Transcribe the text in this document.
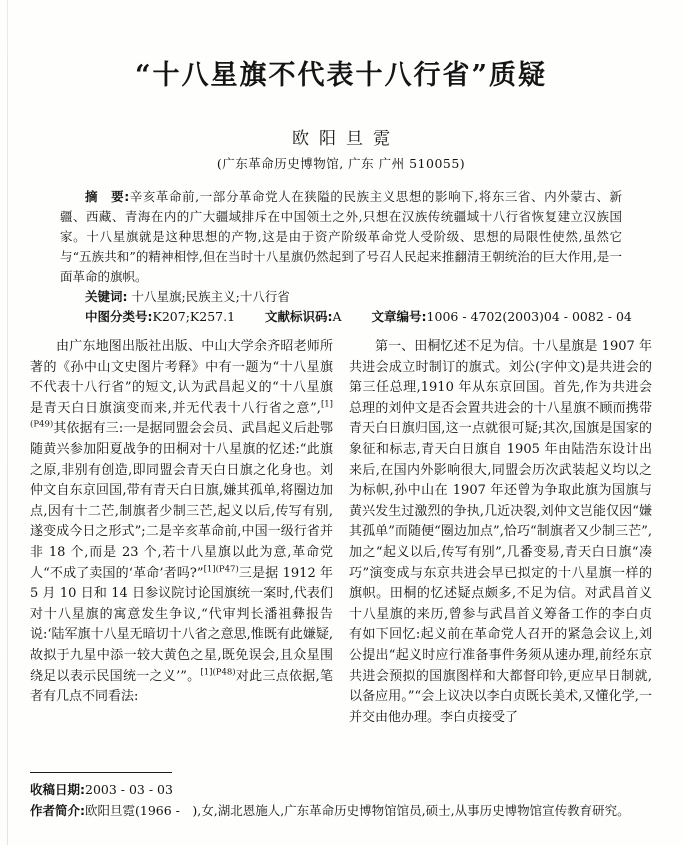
“十八星旗不代表十八行省”质疑
欧阳旦霓
(广东革命历史博物馆, 广东 广州 510055)

摘　要:辛亥革命前,一部分革命党人在狭隘的民族主义思想的影响下,将东三省、内外蒙古、新疆、西藏、青海在内的广大疆域排斥在中国领土之外,只想在汉族传统疆域十八行省恢复建立汉族国家。十八星旗就是这种思想的产物,这是由于资产阶级革命党人受阶级、思想的局限性使然,虽然它与“五族共和”的精神相悖,但在当时十八星旗仍然起到了号召人民起来推翻清王朝统治的巨大作用,是一面革命的旗帜。

关键词: 十八星旗;民族主义;十八行省

中图分类号:K207;K257.1 文献标识码:A 文章编号:1006 - 4702(2003)04 - 0082 - 04

由广东地图出版社出版、中山大学余齐昭老师所著的《孙中山文史图片考释》中有一题为“十八星旗不代表十八行省”的短文,认为武昌起义的“十八星旗是青天白日旗演变而来,并无代表十八行省之意”,$^{[1](P49)}$其依据有三:一是据同盟会会员、武昌起义后赴鄂随黄兴参加阳夏战争的田桐对十八星旗的忆述:“此旗之原,非别有创造,即同盟会青天白日旗之化身也。刘仲文自东京回国,带有青天白日旗,嫌其孤单,将圈边加点,因有十二芒,制旗者少制三芒,起义以后,传写有别,遂变成今日之形式”;二是辛亥革命前,中国一级行省并非 18 个,而是 23 个,若十八星旗以此为意,革命党人“不成了卖国的‘革命’者吗?”$^{[1](P47)}$三是据 1912 年 5 月 10 日和 14 日参议院讨论国旗统一案时,代表们对十八星旗的寓意发生争议,“代审判长潘祖彝报告说:‘陆军旗十八星无暗切十八省之意思,惟既有此嫌疑,故拟于九星中添一较大黄色之星,既免误会,且众星围绕足以表示民国统一之义’”。$^{[1](P48)}$对此三点依据,笔者有几点不同看法:

第一、田桐忆述不足为信。十八星旗是 1907 年共进会成立时制订的旗式。刘公(字仲文)是共进会的第三任总理,1910 年从东京回国。首先,作为共进会总理的刘仲文是否会置共进会的十八星旗不顾而携带青天白日旗归国,这一点就很可疑;其次,国旗是国家的象征和标志,青天白日旗自 1905 年由陆浩东设计出来后,在国内外影响很大,同盟会历次武装起义均以之为标帜,孙中山在 1907 年还曾为争取此旗为国旗与黄兴发生过激烈的争执,几近决裂,刘仲文岂能仅因“嫌其孤单”而随便“圈边加点”,恰巧“制旗者又少制三芒”,加之“起义以后,传写有别”,几番变易,青天白日旗“凑巧”演变成与东京共进会早已拟定的十八星旗一样的旗帜。田桐的忆述疑点颇多,不足为信。对武昌首义十八星旗的来历,曾参与武昌首义筹备工作的李白贞有如下回忆:起义前在革命党人召开的紧急会议上,刘公提出“起义时应行准备事件务须从速办理,前经东京共进会预拟的国旗图样和大都督印钤,更应早日制就,以备应用。”“会上议决以李白贞既长美术,又懂化学,一并交由他办理。李白贞接受了

收稿日期:2003 - 03 - 03

作者简介:欧阳旦霓(1966 -　),女,湖北恩施人,广东革命历史博物馆馆员,硕士,从事历史博物馆宣传教育研究。
